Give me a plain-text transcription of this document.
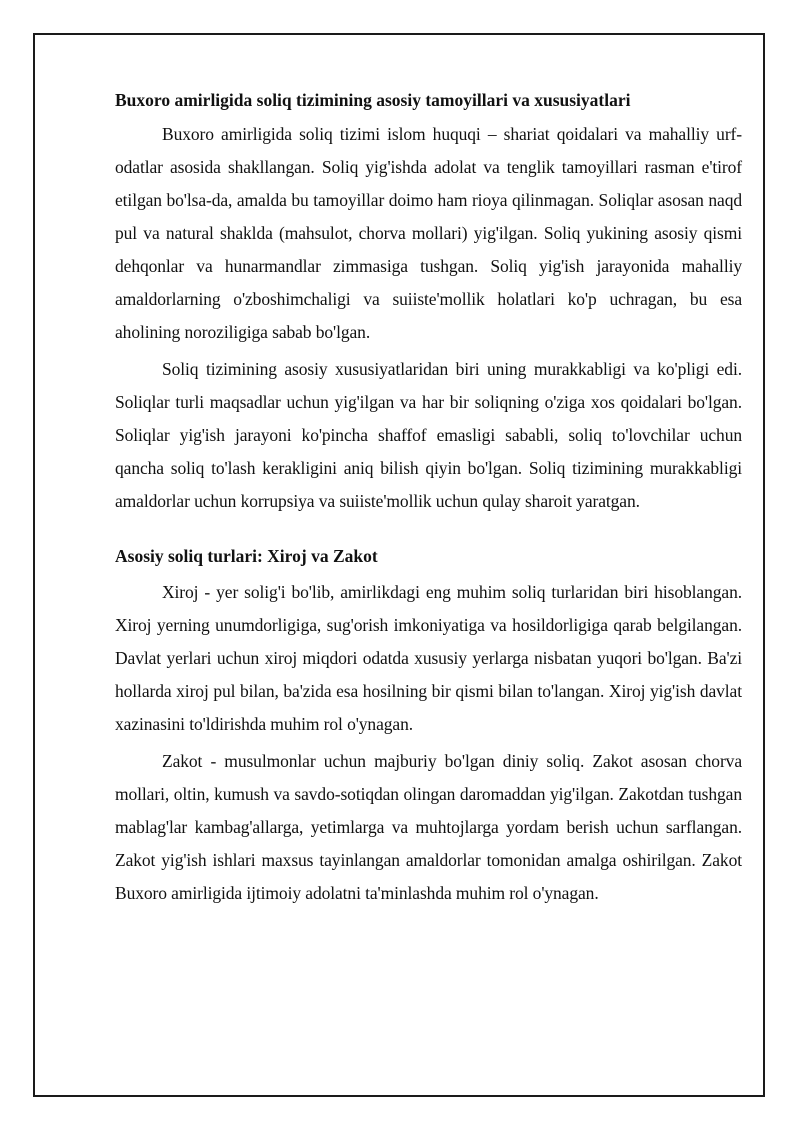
Buxoro amirligida soliq tizimining asosiy tamoyillari va xususiyatlari

Buxoro amirligida soliq tizimi islom huquqi – shariat qoidalari va mahalliy urf-odatlar asosida shakllangan. Soliq yig'ishda adolat va tenglik tamoyillari rasman e'tirof etilgan bo'lsa-da, amalda bu tamoyillar doimo ham rioya qilinmagan. Soliqlar asosan naqd pul va natural shaklda (mahsulot, chorva mollari) yig'ilgan. Soliq yukining asosiy qismi dehqonlar va hunarmandlar zimmasiga tushgan. Soliq yig'ish jarayonida mahalliy amaldorlarning o'zboshimchaligi va suiiste'mollik holatlari ko'p uchragan, bu esa aholining noroziligiga sabab bo'lgan.

Soliq tizimining asosiy xususiyatlaridan biri uning murakkabligi va ko'pligi edi. Soliqlar turli maqsadlar uchun yig'ilgan va har bir soliqning o'ziga xos qoidalari bo'lgan. Soliqlar yig'ish jarayoni ko'pincha shaffof emasligi sababli, soliq to'lovchilar uchun qancha soliq to'lash kerakligini aniq bilish qiyin bo'lgan. Soliq tizimining murakkabligi amaldorlar uchun korrupsiya va suiiste'mollik uchun qulay sharoit yaratgan.

Asosiy soliq turlari: Xiroj va Zakot

Xiroj - yer solig'i bo'lib, amirlikdagi eng muhim soliq turlaridan biri hisoblangan. Xiroj yerning unumdorligiga, sug'orish imkoniyatiga va hosildorligiga qarab belgilangan. Davlat yerlari uchun xiroj miqdori odatda xususiy yerlarga nisbatan yuqori bo'lgan. Ba'zi hollarda xiroj pul bilan, ba'zida esa hosilning bir qismi bilan to'langan. Xiroj yig'ish davlat xazinasini to'ldirishda muhim rol o'ynagan.

Zakot - musulmonlar uchun majburiy bo'lgan diniy soliq. Zakot asosan chorva mollari, oltin, kumush va savdo-sotiqdan olingan daromaddan yig'ilgan. Zakotdan tushgan mablag'lar kambag'allarga, yetimlarga va muhtojlarga yordam berish uchun sarflangan. Zakot yig'ish ishlari maxsus tayinlangan amaldorlar tomonidan amalga oshirilgan. Zakot Buxoro amirligida ijtimoiy adolatni ta'minlashda muhim rol o'ynagan.
